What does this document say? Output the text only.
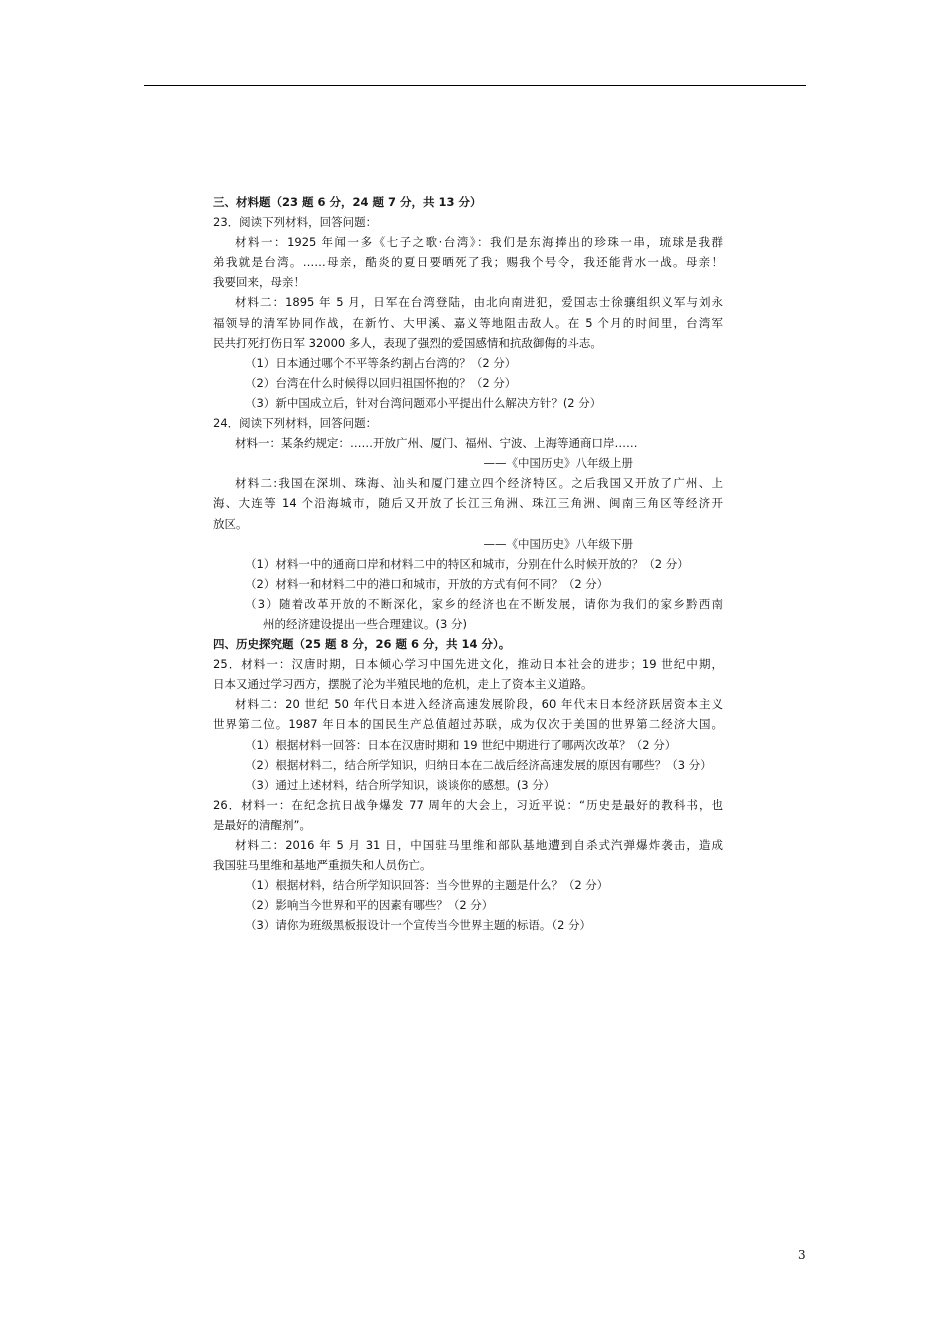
三、材料题（23 题 6 分，24 题 7 分，共 13 分）
23．阅读下列材料，回答问题：
材料一：1925 年闻一多《七子之歌·台湾》：我们是东海捧出的珍珠一串，琉球是我群
弟我就是台湾。……母亲，酷炎的夏日要晒死了我；赐我个号令，我还能背水一战。母亲！
我要回来，母亲！
材料二：1895 年 5 月，日军在台湾登陆，由北向南进犯，爱国志士徐骧组织义军与刘永
福领导的清军协同作战，在新竹、大甲溪、嘉义等地阻击敌人。在 5 个月的时间里，台湾军
民共打死打伤日军 32000 多人，表现了强烈的爱国感情和抗敌御侮的斗志。
（1）日本通过哪个不平等条约割占台湾的？（2 分）
（2）台湾在什么时候得以回归祖国怀抱的？（2 分）
（3）新中国成立后，针对台湾问题邓小平提出什么解决方针？(2 分）
24．阅读下列材料，回答问题：
材料一：某条约规定：……开放广州、厦门、福州、宁波、上海等通商口岸……
——《中国历史》八年级上册
材料二:我国在深圳、珠海、汕头和厦门建立四个经济特区。之后我国又开放了广州、上
海、大连等 14 个沿海城市，随后又开放了长江三角洲、珠江三角洲、闽南三角区等经济开
放区。
——《中国历史》八年级下册
（1）材料一中的通商口岸和材料二中的特区和城市，分别在什么时候开放的？（2 分）
（2）材料一和材料二中的港口和城市，开放的方式有何不同？（2 分）
（3）随着改革开放的不断深化，家乡的经济也在不断发展，请你为我们的家乡黔西南
州的经济建设提出一些合理建议。(3 分)
四、历史探究题（25 题 8 分，26 题 6 分，共 14 分）。
25．材料一：汉唐时期，日本倾心学习中国先进文化，推动日本社会的进步；19 世纪中期，
日本又通过学习西方，摆脱了沦为半殖民地的危机，走上了资本主义道路。
材料二：20 世纪 50 年代日本进入经济高速发展阶段，60 年代末日本经济跃居资本主义
世界第二位。1987 年日本的国民生产总值超过苏联，成为仅次于美国的世界第二经济大国。
（1）根据材料一回答：日本在汉唐时期和 19 世纪中期进行了哪两次改革？（2 分）
（2）根据材料二，结合所学知识，归纳日本在二战后经济高速发展的原因有哪些？（3 分）
（3）通过上述材料，结合所学知识，谈谈你的感想。(3 分）
26．材料一：在纪念抗日战争爆发 77 周年的大会上，习近平说：“历史是最好的教科书，也
是最好的清醒剂”。
材料二：2016 年 5 月 31 日，中国驻马里维和部队基地遭到自杀式汽弹爆炸袭击，造成
我国驻马里维和基地严重损失和人员伤亡。
（1）根据材料，结合所学知识回答：当今世界的主题是什么？（2 分）
（2）影响当今世界和平的因素有哪些？（2 分）
（3）请你为班级黑板报设计一个宣传当今世界主题的标语。（2 分）
3
